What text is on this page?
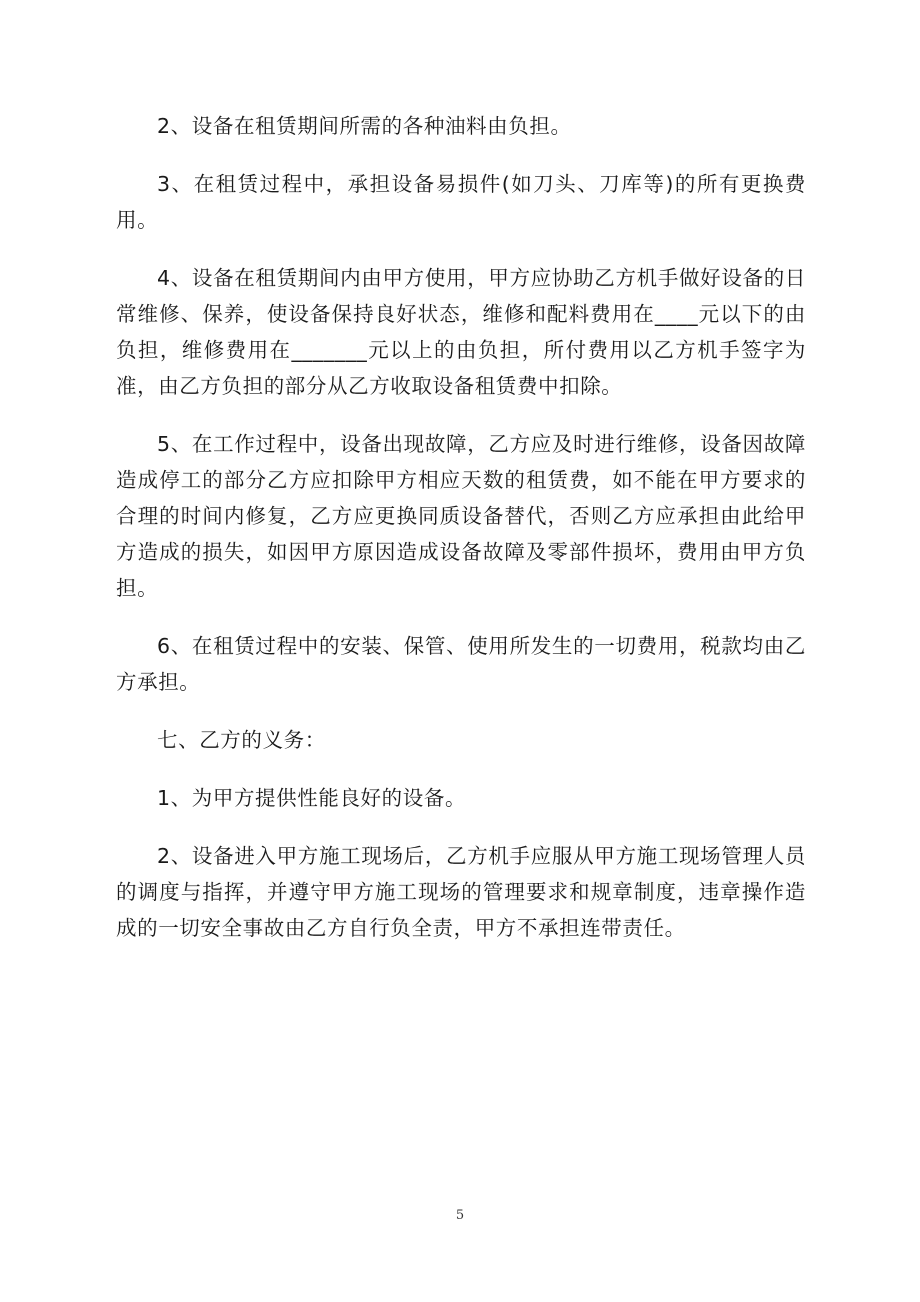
2、设备在租赁期间所需的各种油料由负担。

3、在租赁过程中，承担设备易损件(如刀头、刀库等)的所有更换费用。

4、设备在租赁期间内由甲方使用，甲方应协助乙方机手做好设备的日常维修、保养，使设备保持良好状态，维修和配料费用在____元以下的由负担，维修费用在_______元以上的由负担，所付费用以乙方机手签字为准，由乙方负担的部分从乙方收取设备租赁费中扣除。

5、在工作过程中，设备出现故障，乙方应及时进行维修，设备因故障造成停工的部分乙方应扣除甲方相应天数的租赁费，如不能在甲方要求的合理的时间内修复，乙方应更换同质设备替代，否则乙方应承担由此给甲方造成的损失，如因甲方原因造成设备故障及零部件损坏，费用由甲方负担。

6、在租赁过程中的安装、保管、使用所发生的一切费用，税款均由乙方承担。

七、乙方的义务：

1、为甲方提供性能良好的设备。

2、设备进入甲方施工现场后，乙方机手应服从甲方施工现场管理人员的调度与指挥，并遵守甲方施工现场的管理要求和规章制度，违章操作造成的一切安全事故由乙方自行负全责，甲方不承担连带责任。

5
